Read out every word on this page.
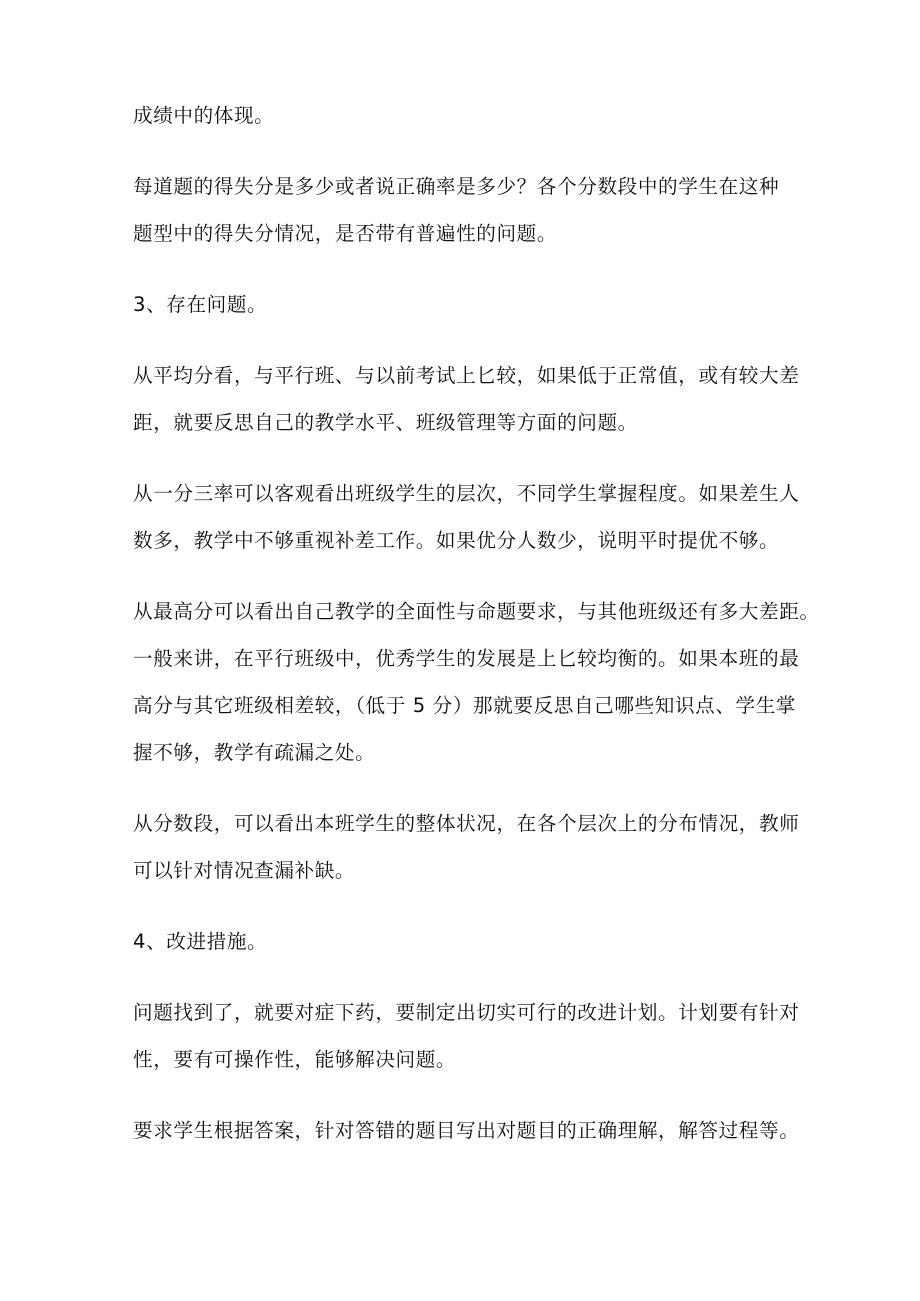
成绩中的体现。

每道题的得失分是多少或者说正确率是多少？各个分数段中的学生在这种
题型中的得失分情况，是否带有普遍性的问题。

3、存在问题。

从平均分看，与平行班、与以前考试上匕较，如果低于正常值，或有较大差
距，就要反思自己的教学水平、班级管理等方面的问题。

从一分三率可以客观看出班级学生的层次，不同学生掌握程度。如果差生人
数多，教学中不够重视补差工作。如果优分人数少，说明平时提优不够。

从最高分可以看出自己教学的全面性与命题要求，与其他班级还有多大差距。
一般来讲，在平行班级中，优秀学生的发展是上匕较均衡的。如果本班的最
高分与其它班级相差较，（低于 5 分）那就要反思自己哪些知识点、学生掌
握不够，教学有疏漏之处。

从分数段，可以看出本班学生的整体状况，在各个层次上的分布情况，教师
可以针对情况查漏补缺。

4、改进措施。

问题找到了，就要对症下药，要制定出切实可行的改进计划。计划要有针对
性，要有可操作性，能够解决问题。

要求学生根据答案，针对答错的题目写出对题目的正确理解，解答过程等。
